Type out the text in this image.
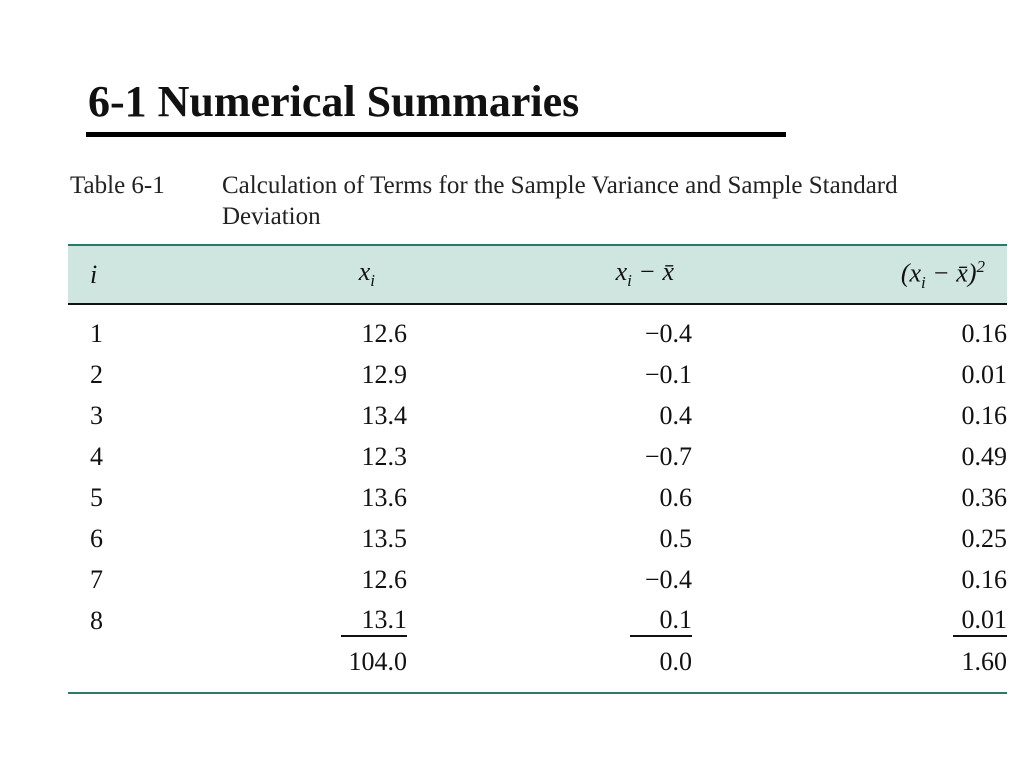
6-1 Numerical Summaries
Table 6-1 Calculation of Terms for the Sample Variance and Sample Standard Deviation
i	$x_i$	$x_i$ − x̄	($x_i$ − x̄)$^2$
1	12.6	−0.4	0.16
2	12.9	−0.1	0.01
3	13.4	0.4	0.16
4	12.3	−0.7	0.49
5	13.6	0.6	0.36
6	13.5	0.5	0.25
7	12.6	−0.4	0.16
8	13.1	0.1	0.01
	104.0	0.0	1.60
